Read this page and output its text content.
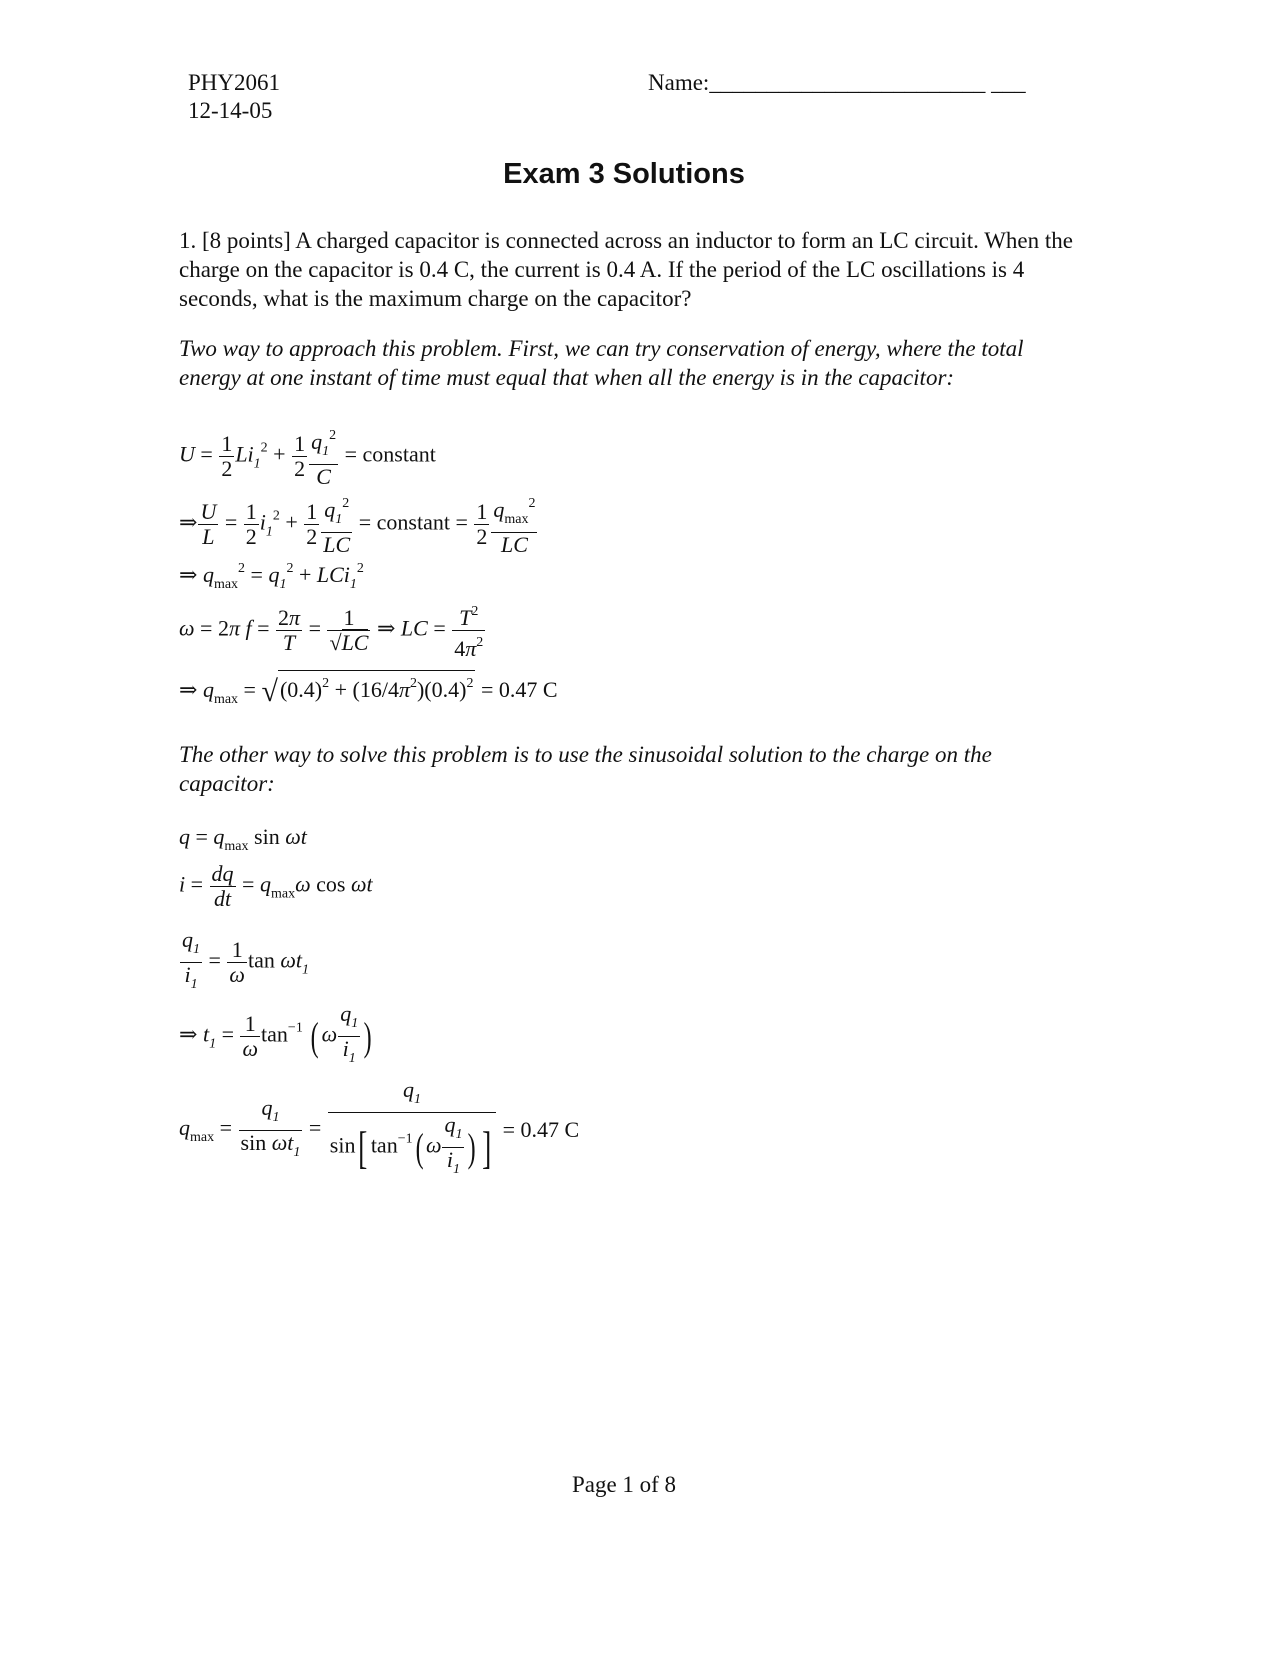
PHY2061
12-14-05
Name:________________________ ___
Exam 3 Solutions
1. [8 points] A charged capacitor is connected across an inductor to form an LC circuit. When the charge on the capacitor is 0.4 C, the current is 0.4 A. If the period of the LC oscillations is 4 seconds, what is the maximum charge on the capacitor?
Two way to approach this problem. First, we can try conservation of energy, where the total energy at one instant of time must equal that when all the energy is in the capacitor:
$U = \frac{1}{2} Li_1^2 + \frac{1}{2} \frac{q_1^2}{C}$ = constant
⇒ $\frac{U}{L} = \frac{1}{2} i_1^2 + \frac{1}{2} \frac{q_1^2}{LC}$ = constant = $\frac{1}{2} \frac{q_{max}^2}{LC}$
⇒ $q_{max}^2 = q_1^2 + LCi_1^2$
ω = 2π $f = \frac{2\pi}{T} = \frac{1}{√LC}$ ⇒ LC = $\frac{T^2}{4\pi^2}$
⇒ $q_{max} = √(0.4)^2 + (16/4\pi^2)(0.4)^2 = 0.47$ C
The other way to solve this problem is to use the sinusoidal solution to the charge on the capacitor:
$q = q_{max}$ sin ωt
$i = \frac{dq}{dt} = q_{max}\omega$ cos ωt
$\frac{q_1}{i_1} = \frac{1}{\omega}$ $\tan \omega t_1$
⇒ $t_1 = \frac{1}{\omega} \tan^{-1}$ ( ω $\frac{q_1}{i_1}$ )
$q_{max} = \frac{q_1}{\sin \omega t_1} = \frac{q_1}{\sin[ \tan^{-1}( \omega \frac{q_1}{i_1} ) ]} = 0.47$ C
Page 1 of 8
